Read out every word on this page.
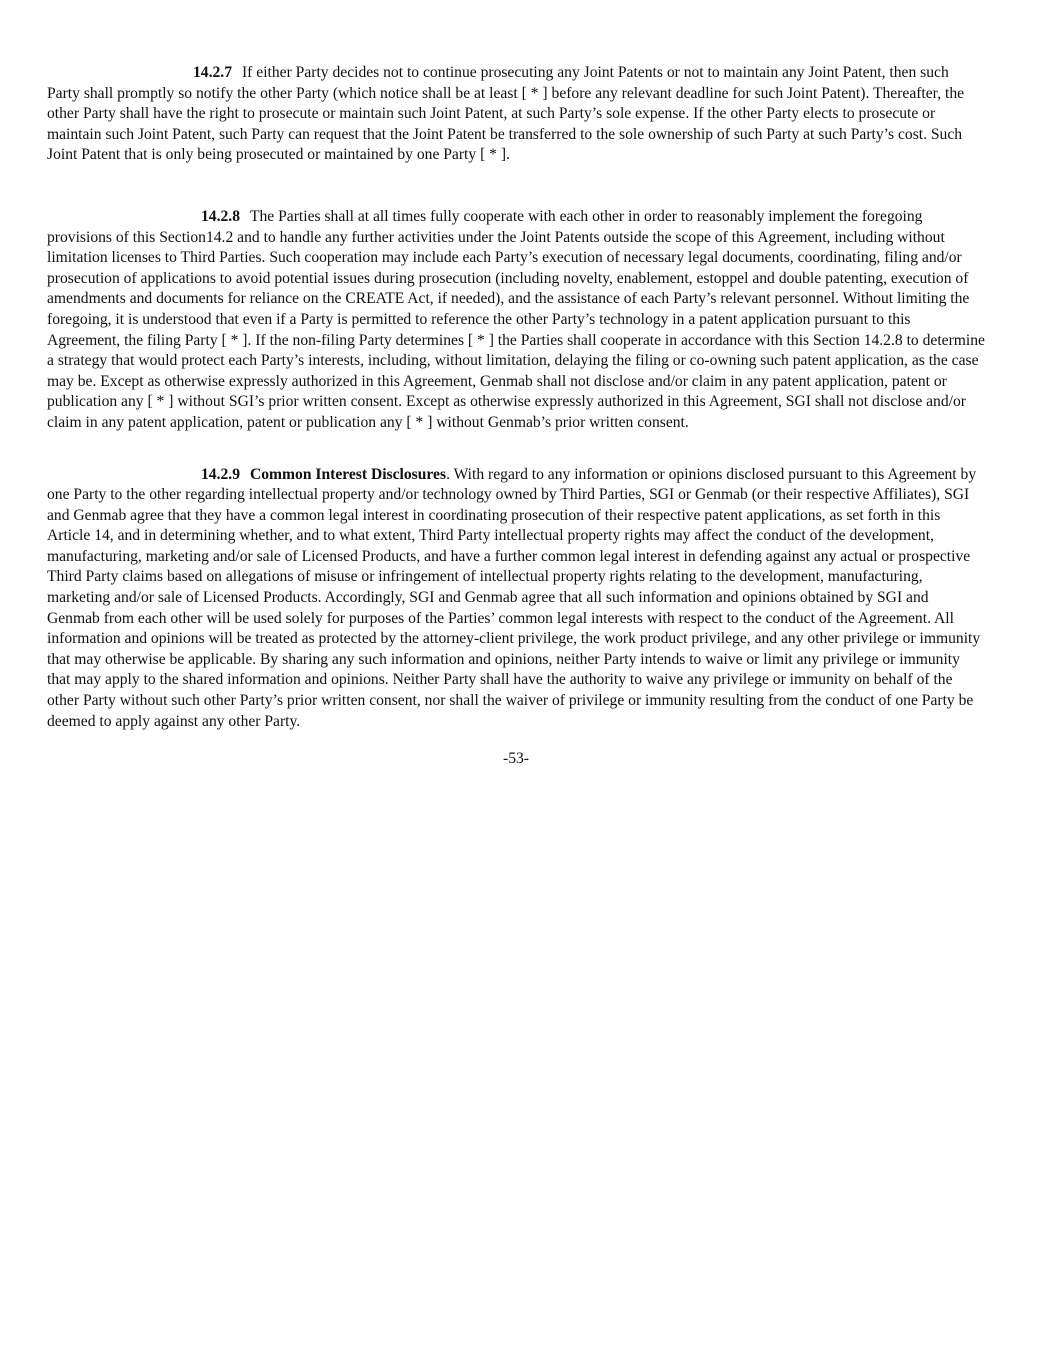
14.2.7 If either Party decides not to continue prosecuting any Joint Patents or not to maintain any Joint Patent, then such Party shall promptly so notify the other Party (which notice shall be at least [ * ] before any relevant deadline for such Joint Patent). Thereafter, the other Party shall have the right to prosecute or maintain such Joint Patent, at such Party’s sole expense. If the other Party elects to prosecute or maintain such Joint Patent, such Party can request that the Joint Patent be transferred to the sole ownership of such Party at such Party’s cost. Such Joint Patent that is only being prosecuted or maintained by one Party [ * ].

14.2.8 The Parties shall at all times fully cooperate with each other in order to reasonably implement the foregoing provisions of this Section14.2 and to handle any further activities under the Joint Patents outside the scope of this Agreement, including without limitation licenses to Third Parties. Such cooperation may include each Party’s execution of necessary legal documents, coordinating, filing and/or prosecution of applications to avoid potential issues during prosecution (including novelty, enablement, estoppel and double patenting, execution of amendments and documents for reliance on the CREATE Act, if needed), and the assistance of each Party’s relevant personnel. Without limiting the foregoing, it is understood that even if a Party is permitted to reference the other Party’s technology in a patent application pursuant to this Agreement, the filing Party [ * ]. If the non-filing Party determines [ * ] the Parties shall cooperate in accordance with this Section 14.2.8 to determine a strategy that would protect each Party’s interests, including, without limitation, delaying the filing or co-owning such patent application, as the case may be. Except as otherwise expressly authorized in this Agreement, Genmab shall not disclose and/or claim in any patent application, patent or publication any [ * ] without SGI’s prior written consent. Except as otherwise expressly authorized in this Agreement, SGI shall not disclose and/or claim in any patent application, patent or publication any [ * ] without Genmab’s prior written consent.

14.2.9 Common Interest Disclosures. With regard to any information or opinions disclosed pursuant to this Agreement by one Party to the other regarding intellectual property and/or technology owned by Third Parties, SGI or Genmab (or their respective Affiliates), SGI and Genmab agree that they have a common legal interest in coordinating prosecution of their respective patent applications, as set forth in this Article 14, and in determining whether, and to what extent, Third Party intellectual property rights may affect the conduct of the development, manufacturing, marketing and/or sale of Licensed Products, and have a further common legal interest in defending against any actual or prospective Third Party claims based on allegations of misuse or infringement of intellectual property rights relating to the development, manufacturing, marketing and/or sale of Licensed Products. Accordingly, SGI and Genmab agree that all such information and opinions obtained by SGI and Genmab from each other will be used solely for purposes of the Parties’ common legal interests with respect to the conduct of the Agreement. All information and opinions will be treated as protected by the attorney-client privilege, the work product privilege, and any other privilege or immunity that may otherwise be applicable. By sharing any such information and opinions, neither Party intends to waive or limit any privilege or immunity that may apply to the shared information and opinions. Neither Party shall have the authority to waive any privilege or immunity on behalf of the other Party without such other Party’s prior written consent, nor shall the waiver of privilege or immunity resulting from the conduct of one Party be deemed to apply against any other Party.

-53-
